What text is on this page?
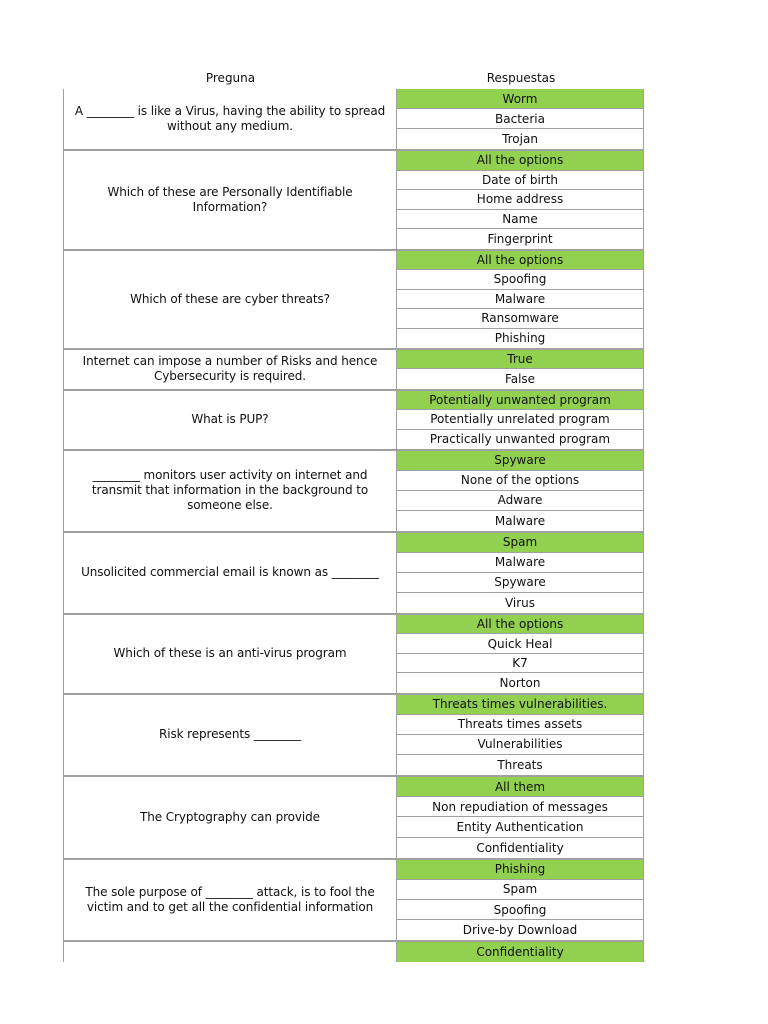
Preguna	Respuestas
A ________ is like a Virus, having the ability to spread without any medium.
Worm
Bacteria
Trojan
Which of these are Personally Identifiable Information?
All the options
Date of birth
Home address
Name
Fingerprint
Which of these are cyber threats?
All the options
Spoofing
Malware
Ransomware
Phishing
Internet can impose a number of Risks and hence Cybersecurity is required.
True
False
What is PUP?
Potentially unwanted program
Potentially unrelated program
Practically unwanted program
________ monitors user activity on internet and transmit that information in the background to someone else.
Spyware
None of the options
Adware
Malware
Unsolicited commercial email is known as ________
Spam
Malware
Spyware
Virus
Which of these is an anti-virus program
All the options
Quick Heal
K7
Norton
Risk represents ________
Threats times vulnerabilities.
Threats times assets
Vulnerabilities
Threats
The Cryptography can provide
All them
Non repudiation of messages
Entity Authentication
Confidentiality
The sole purpose of ________ attack, is to fool the victim and to get all the confidential information
Phishing
Spam
Spoofing
Drive-by Download
Confidentiality
